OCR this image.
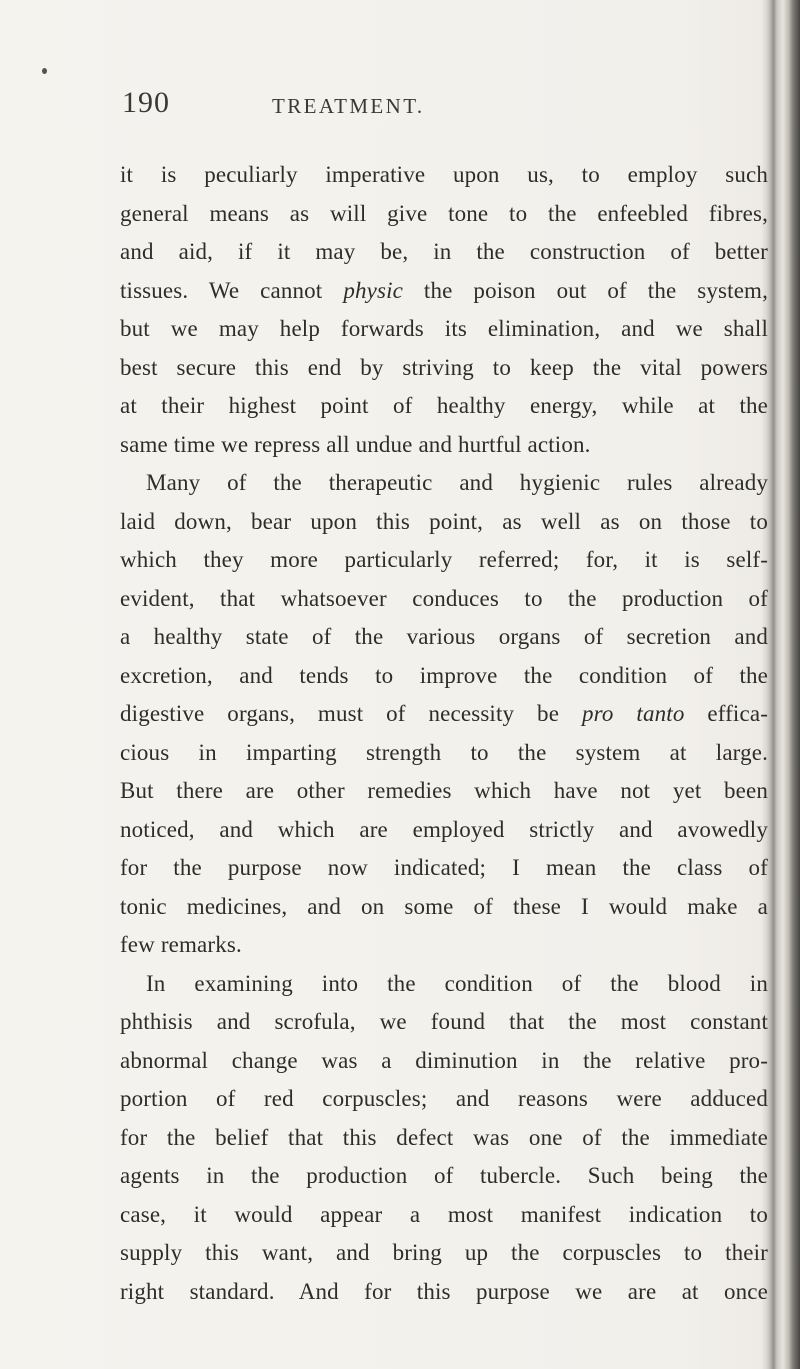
190	TREATMENT.
it is peculiarly imperative upon us, to employ such
general means as will give tone to the enfeebled fibres,
and aid, if it may be, in the construction of better
tissues. We cannot physic the poison out of the system,
but we may help forwards its elimination, and we shall
best secure this end by striving to keep the vital powers
at their highest point of healthy energy, while at the
same time we repress all undue and hurtful action.
Many of the therapeutic and hygienic rules already
laid down, bear upon this point, as well as on those to
which they more particularly referred; for, it is self-
evident, that whatsoever conduces to the production of
a healthy state of the various organs of secretion and
excretion, and tends to improve the condition of the
digestive organs, must of necessity be pro tanto effica-
cious in imparting strength to the system at large.
But there are other remedies which have not yet been
noticed, and which are employed strictly and avowedly
for the purpose now indicated; I mean the class of
tonic medicines, and on some of these I would make a
few remarks.
In examining into the condition of the blood in
phthisis and scrofula, we found that the most constant
abnormal change was a diminution in the relative pro-
portion of red corpuscles; and reasons were adduced
for the belief that this defect was one of the immediate
agents in the production of tubercle. Such being the
case, it would appear a most manifest indication to
supply this want, and bring up the corpuscles to their
right standard. And for this purpose we are at once
